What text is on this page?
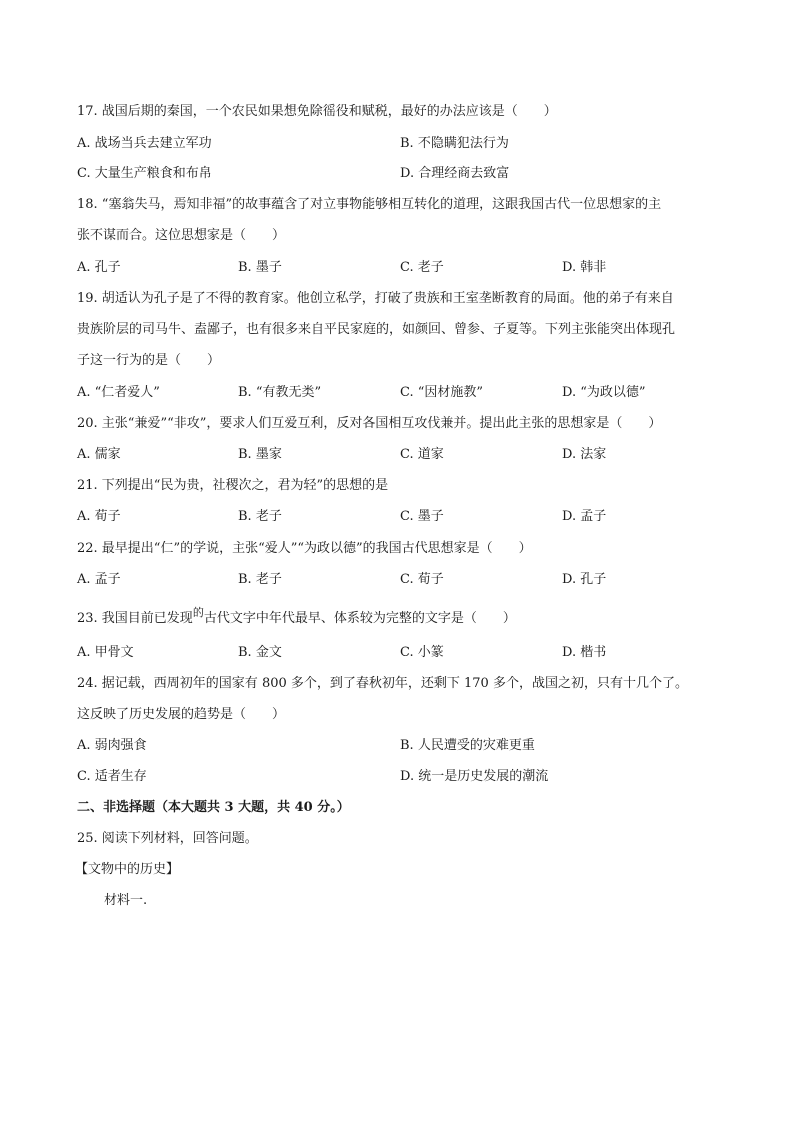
17. 战国后期的秦国，一个农民如果想免除徭役和赋税，最好的办法应该是（　　）
A. 战场当兵去建立军功	B. 不隐瞒犯法行为
C. 大量生产粮食和布帛	D. 合理经商去致富
18. “塞翁失马，焉知非福”的故事蕴含了对立事物能够相互转化的道理，这跟我国古代一位思想家的主
张不谋而合。这位思想家是（　　）
A. 孔子	B. 墨子	C. 老子	D. 韩非
19. 胡适认为孔子是了不得的教育家。他创立私学，打破了贵族和王室垄断教育的局面。他的弟子有来自
贵族阶层的司马牛、盍鄙子，也有很多来自平民家庭的，如颜回、曾参、子夏等。下列主张能突出体现孔
子这一行为的是（　　）
A. “仁者爱人”	B. “有教无类”	C. “因材施教”	D. “为政以德”
20. 主张“兼爱”“非攻”，要求人们互爱互利，反对各国相互攻伐兼并。提出此主张的思想家是（　　）
A. 儒家	B. 墨家	C. 道家	D. 法家
21. 下列提出“民为贵，社稷次之，君为轻”的思想的是
A. 荀子	B. 老子	C. 墨子	D. 孟子
22. 最早提出“仁”的学说，主张“爱人”“为政以德”的我国古代思想家是（　　）
A. 孟子	B. 老子	C. 荀子	D. 孔子
23. 我国目前已发现$^的$古代文字中年代最早、体系较为完整的文字是（　　）
A. 甲骨文	B. 金文	C. 小篆	D. 楷书
24. 据记载，西周初年的国家有 800 多个，到了春秋初年，还剩下 170 多个，战国之初，只有十几个了。
这反映了历史发展的趋势是（　　）
A. 弱肉强食	B. 人民遭受的灾难更重
C. 适者生存	D. 统一是历史发展的潮流
二、非选择题（本大题共 3 大题，共 40 分。）
25. 阅读下列材料，回答问题。
【文物中的历史】
材料一.
